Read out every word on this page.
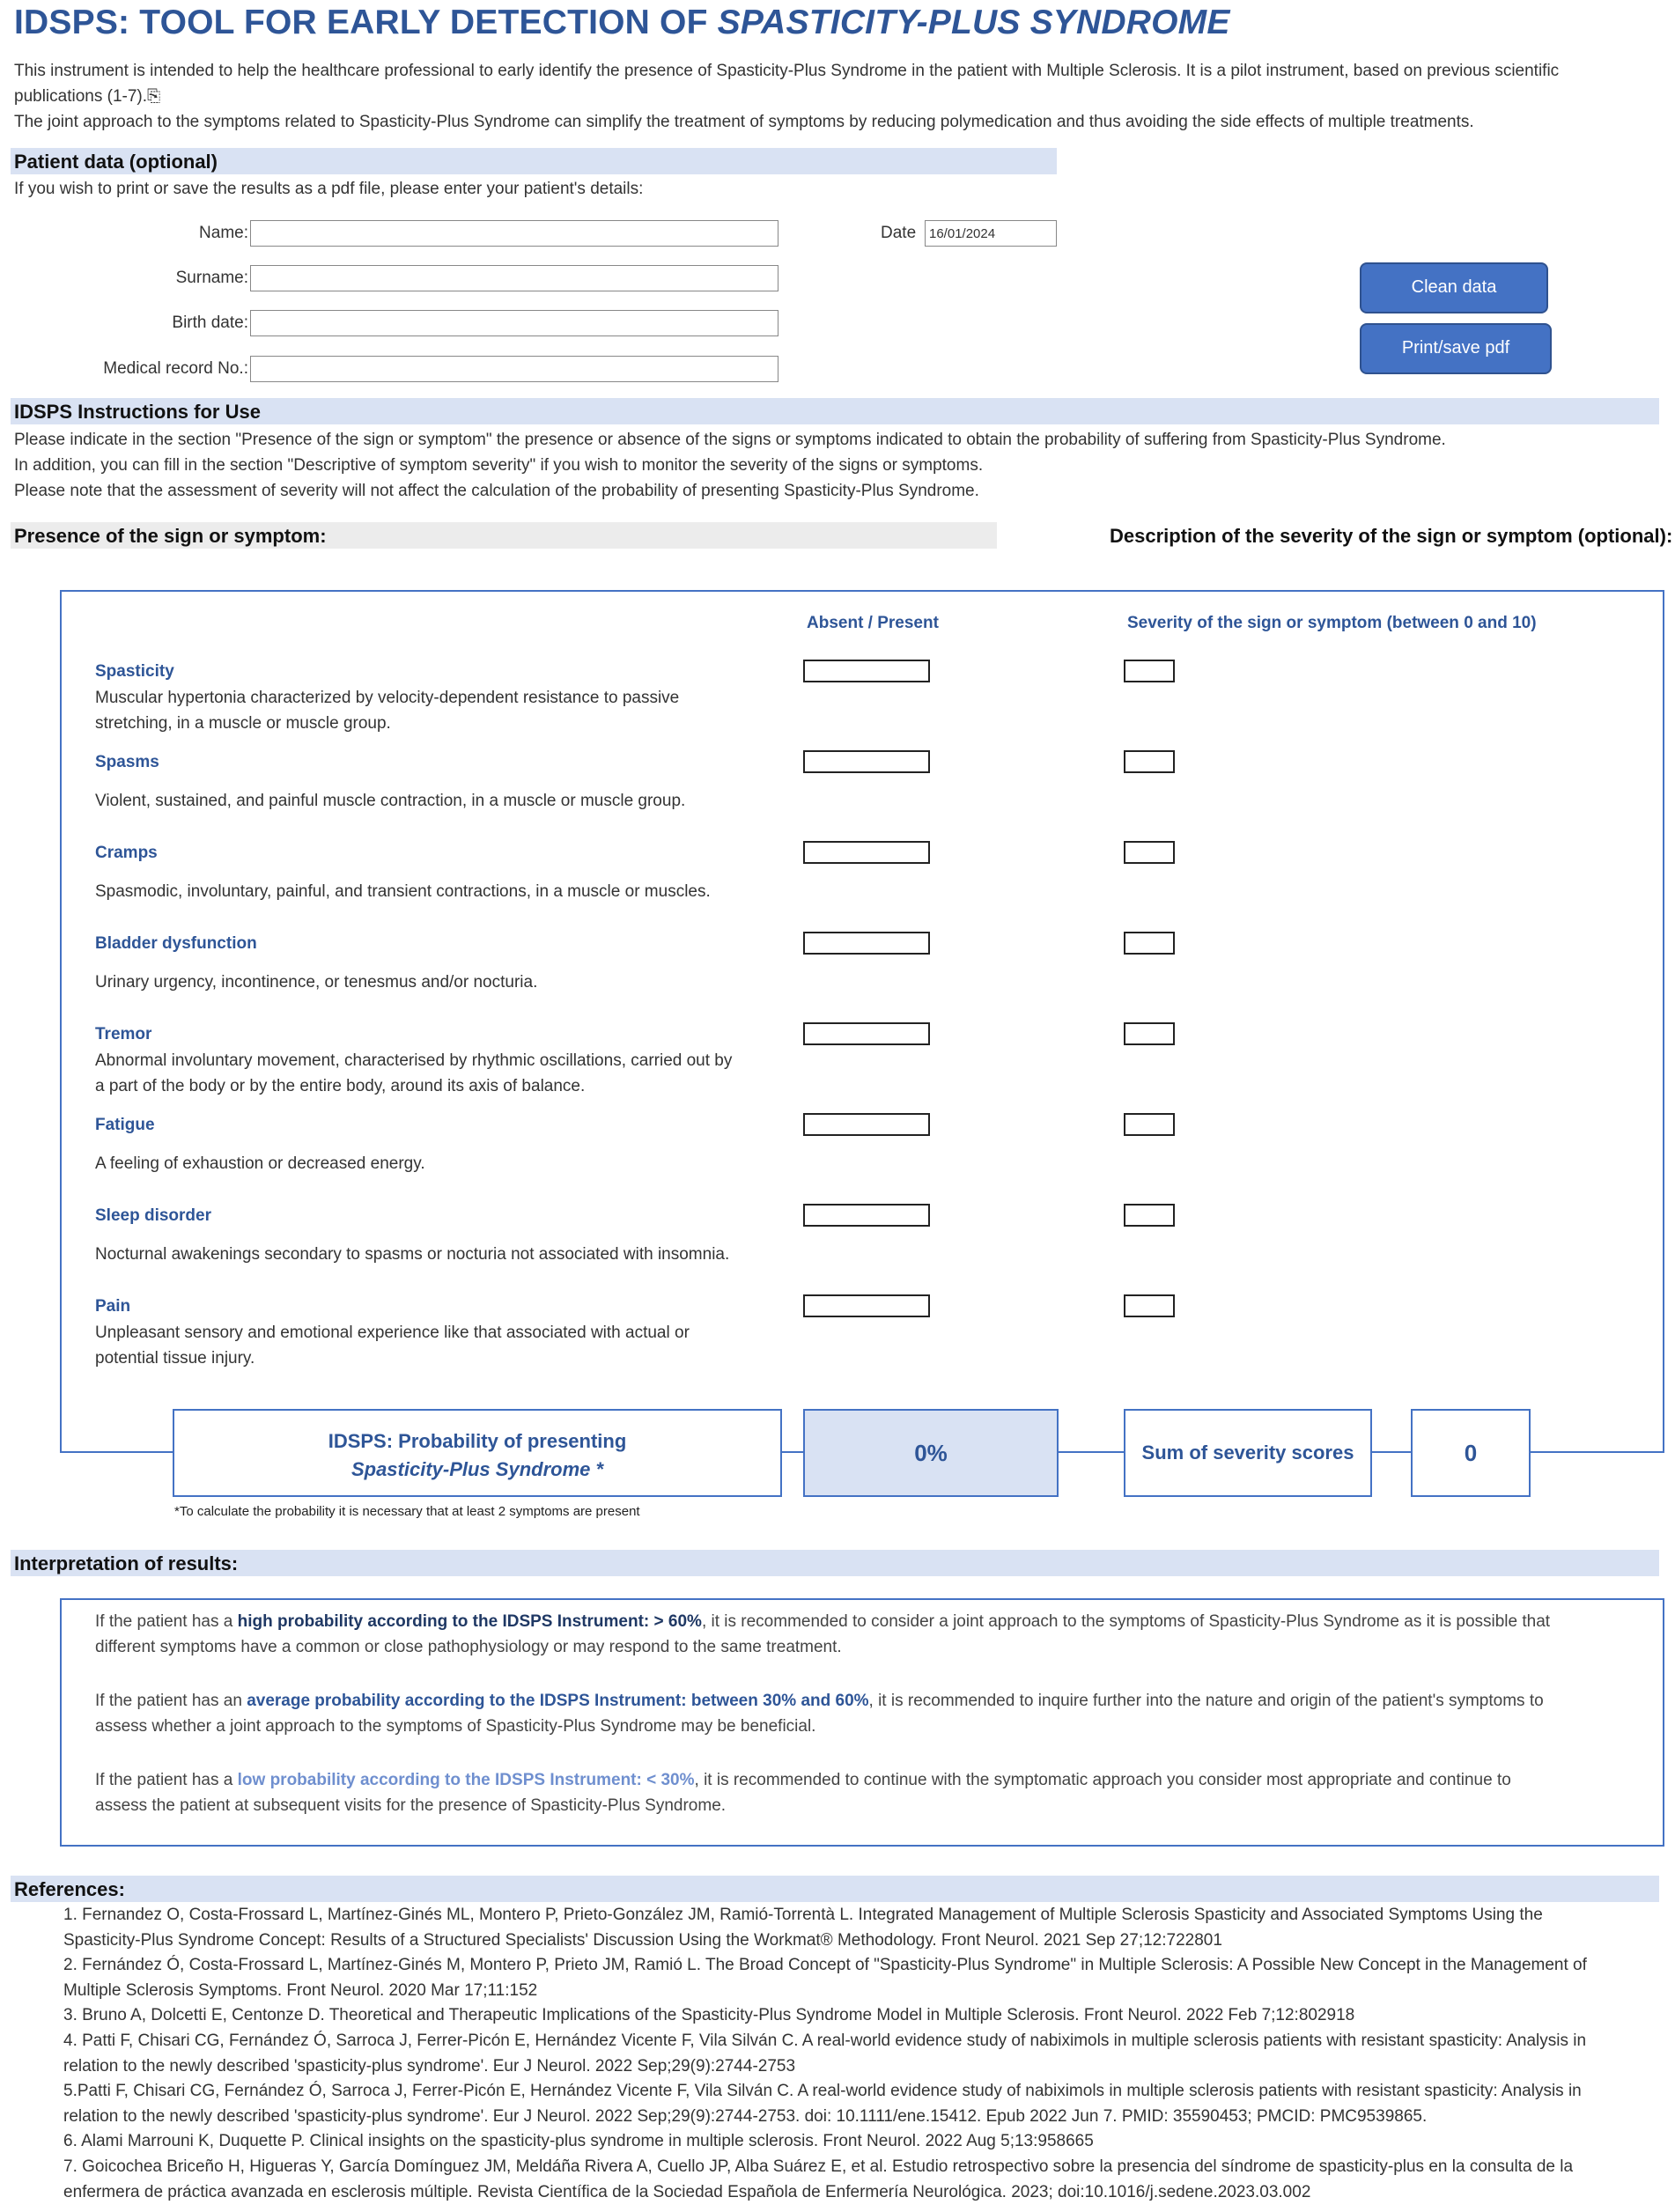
IDSPS: TOOL FOR EARLY DETECTION OF SPASTICITY-PLUS SYNDROME
This instrument is intended to help the healthcare professional to early identify the presence of Spasticity-Plus Syndrome in the patient with Multiple Sclerosis. It is a pilot instrument, based on previous scientific
publications (1-7).⎘
The joint approach to the symptoms related to Spasticity-Plus Syndrome can simplify the treatment of symptoms by reducing polymedication and thus avoiding the side effects of multiple treatments.
Patient data (optional)
If you wish to print or save the results as a pdf file, please enter your patient's details:
Name:
Surname:
Birth date:
Medical record No.:
Date
16/01/2024
Clean data
Print/save pdf
IDSPS Instructions for Use
Please indicate in the section "Presence of the sign or symptom" the presence or absence of the signs or symptoms indicated to obtain the probability of suffering from Spasticity-Plus Syndrome.
In addition, you can fill in the section "Descriptive of symptom severity" if you wish to monitor the severity of the signs or symptoms.
Please note that the assessment of severity will not affect the calculation of the probability of presenting Spasticity-Plus Syndrome.
Presence of the sign or symptom:	Description of the severity of the sign or symptom (optional):
Absent / Present	Severity of the sign or symptom (between 0 and 10)
Spasticity
Muscular hypertonia characterized by velocity-dependent resistance to passive
stretching, in a muscle or muscle group.
Spasms
Violent, sustained, and painful muscle contraction, in a muscle or muscle group.
Cramps
Spasmodic, involuntary, painful, and transient contractions, in a muscle or muscles.
Bladder dysfunction
Urinary urgency, incontinence, or tenesmus and/or nocturia.
Tremor
Abnormal involuntary movement, characterised by rhythmic oscillations, carried out by
a part of the body or by the entire body, around its axis of balance.
Fatigue
A feeling of exhaustion or decreased energy.
Sleep disorder
Nocturnal awakenings secondary to spasms or nocturia not associated with insomnia.
Pain
Unpleasant sensory and emotional experience like that associated with actual or
potential tissue injury.
IDSPS: Probability of presenting
Spasticity-Plus Syndrome *
0%	Sum of severity scores	0
*To calculate the probability it is necessary that at least 2 symptoms are present
Interpretation of results:
If the patient has a high probability according to the IDSPS Instrument: > 60%, it is recommended to consider a joint approach to the symptoms of Spasticity-Plus Syndrome as it is possible that
different symptoms have a common or close pathophysiology or may respond to the same treatment.
If the patient has an average probability according to the IDSPS Instrument: between 30% and 60%, it is recommended to inquire further into the nature and origin of the patient's symptoms to
assess whether a joint approach to the symptoms of Spasticity-Plus Syndrome may be beneficial.
If the patient has a low probability according to the IDSPS Instrument: < 30%, it is recommended to continue with the symptomatic approach you consider most appropriate and continue to
assess the patient at subsequent visits for the presence of Spasticity-Plus Syndrome.
References:
1. Fernandez O, Costa-Frossard L, Martínez-Ginés ML, Montero P, Prieto-González JM, Ramió-Torrentà L. Integrated Management of Multiple Sclerosis Spasticity and Associated Symptoms Using the
Spasticity-Plus Syndrome Concept: Results of a Structured Specialists' Discussion Using the Workmat® Methodology. Front Neurol. 2021 Sep 27;12:722801
2. Fernández Ó, Costa-Frossard L, Martínez-Ginés M, Montero P, Prieto JM, Ramió L. The Broad Concept of "Spasticity-Plus Syndrome" in Multiple Sclerosis: A Possible New Concept in the Management of
Multiple Sclerosis Symptoms. Front Neurol. 2020 Mar 17;11:152
3. Bruno A, Dolcetti E, Centonze D. Theoretical and Therapeutic Implications of the Spasticity-Plus Syndrome Model in Multiple Sclerosis. Front Neurol. 2022 Feb 7;12:802918
4. Patti F, Chisari CG, Fernández Ó, Sarroca J, Ferrer-Picón E, Hernández Vicente F, Vila Silván C. A real-world evidence study of nabiximols in multiple sclerosis patients with resistant spasticity: Analysis in
relation to the newly described 'spasticity-plus syndrome'. Eur J Neurol. 2022 Sep;29(9):2744-2753
5.Patti F, Chisari CG, Fernández Ó, Sarroca J, Ferrer-Picón E, Hernández Vicente F, Vila Silván C. A real-world evidence study of nabiximols in multiple sclerosis patients with resistant spasticity: Analysis in
relation to the newly described 'spasticity-plus syndrome'. Eur J Neurol. 2022 Sep;29(9):2744-2753. doi: 10.1111/ene.15412. Epub 2022 Jun 7. PMID: 35590453; PMCID: PMC9539865.
6. Alami Marrouni K, Duquette P. Clinical insights on the spasticity-plus syndrome in multiple sclerosis. Front Neurol. 2022 Aug 5;13:958665
7. Goicochea Briceño H, Higueras Y, García Domínguez JM, Meldáña Rivera A, Cuello JP, Alba Suárez E, et al. Estudio retrospectivo sobre la presencia del síndrome de spasticity-plus en la consulta de la
enfermera de práctica avanzada en esclerosis múltiple. Revista Científica de la Sociedad Española de Enfermería Neurológica. 2023; doi:10.1016/j.sedene.2023.03.002
